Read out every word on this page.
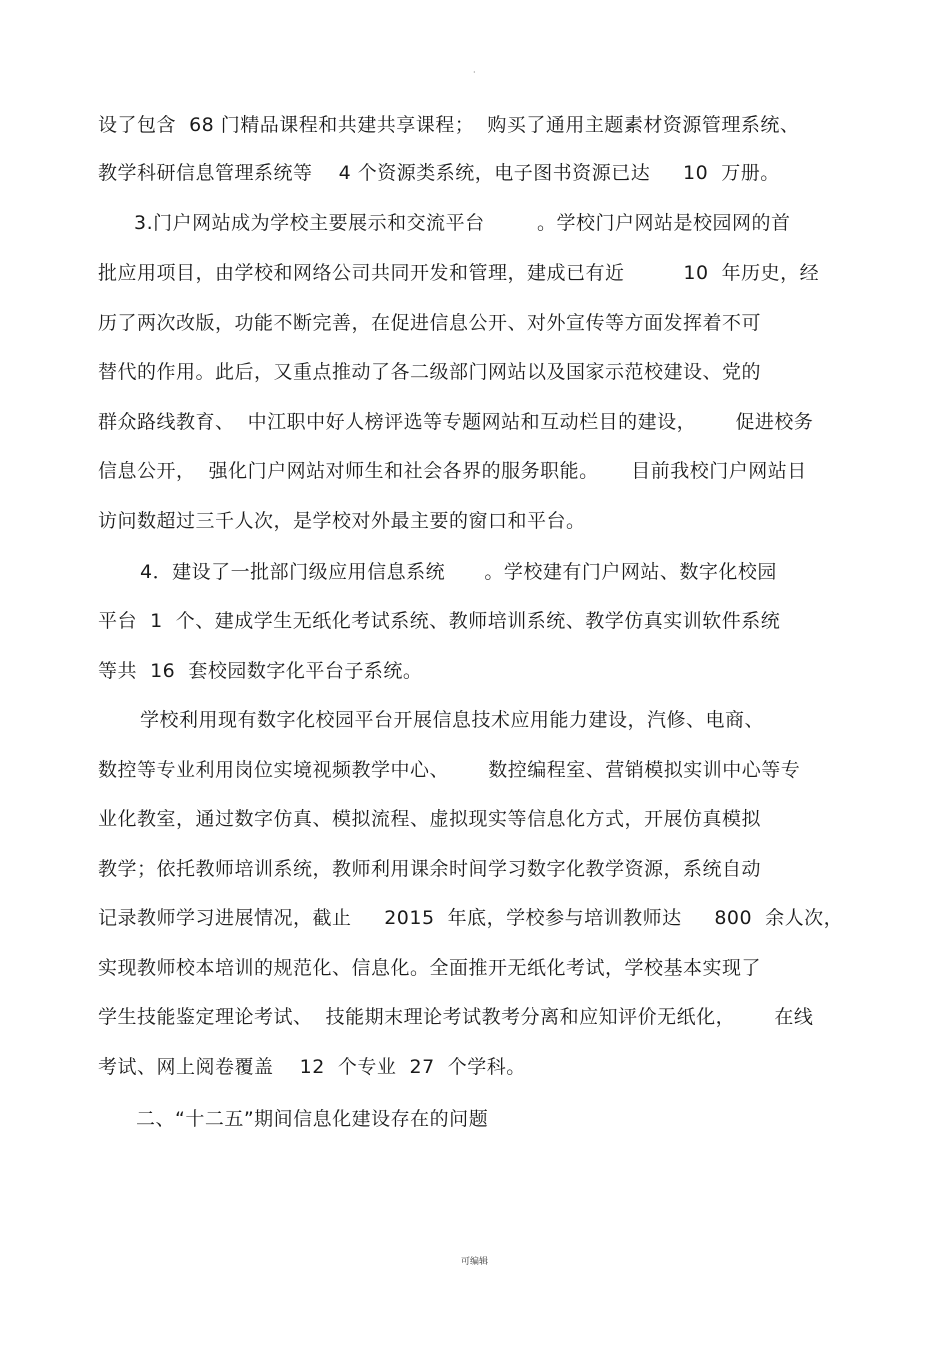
·
设了包含  68 门精品课程和共建共享课程；  购买了通用主题素材资源管理系统、
教学科研信息管理系统等    4 个资源类系统，电子图书资源已达     10  万册。
3.门户网站成为学校主要展示和交流平台        。学校门户网站是校园网的首
批应用项目，由学校和网络公司共同开发和管理，建成已有近         10  年历史，经
历了两次改版，功能不断完善，在促进信息公开、对外宣传等方面发挥着不可
替代的作用。此后，又重点推动了各二级部门网站以及国家示范校建设、党的
群众路线教育、  中江职中好人榜评选等专题网站和互动栏目的建设，      促进校务
信息公开，  强化门户网站对师生和社会各界的服务职能。     目前我校门户网站日
访问数超过三千人次，是学校对外最主要的窗口和平台。
4．建设了一批部门级应用信息系统      。学校建有门户网站、数字化校园
平台  1  个、建成学生无纸化考试系统、教师培训系统、教学仿真实训软件系统
等共  16  套校园数字化平台子系统。
学校利用现有数字化校园平台开展信息技术应用能力建设，汽修、电商、
数控等专业利用岗位实境视频教学中心、      数控编程室、营销模拟实训中心等专
业化教室，通过数字仿真、模拟流程、虚拟现实等信息化方式，开展仿真模拟
教学；依托教师培训系统，教师利用课余时间学习数字化教学资源，系统自动
记录教师学习进展情况，截止     2015  年底，学校参与培训教师达     800  余人次，
实现教师校本培训的规范化、信息化。全面推开无纸化考试，学校基本实现了
学生技能鉴定理论考试、  技能期末理论考试教考分离和应知评价无纸化，      在线
考试、网上阅卷覆盖    12  个专业  27  个学科。
二、“十二五”期间信息化建设存在的问题
可编辑
